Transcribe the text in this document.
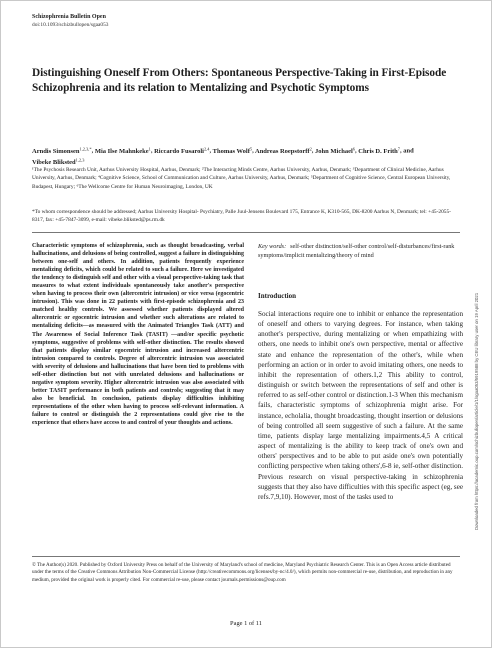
Schizophrenia Bulletin Open
doi:10.1093/schizbullopen/sgaa053
Distinguishing Oneself From Others: Spontaneous Perspective-Taking in First-Episode Schizophrenia and its relation to Mentalizing and Psychotic Symptoms
Arndis Simonsen$^{1,2,3,*}$, Mia Ilse Mahnkeke$^1$, Riccardo Fusaroli$^{2,4}$, Thomas Wolf$^5$, Andreas Roepstorff$^2$, John Michael$^6$, Chris D. Frith$^7$, and Vibeke Bliksted$^{1,2,3}$
¹The Psychosis Research Unit, Aarhus University Hospital, Aarhus, Denmark; ²The Interacting Minds Centre, Aarhus University, Aarhus, Denmark; ³Department of Clinical Medicine, Aarhus University, Aarhus, Denmark; ⁴Cognitive Science, School of Communication and Culture, Aarhus University, Aarhus, Denmark; ⁵Department of Cognitive Science, Central European University, Budapest, Hungary; ⁶The Wellcome Centre for Human Neuroimaging, London, UK
*To whom correspondence should be addressed; Aarhus University Hospital- Psychiatry, Palle Juul-Jensens Boulevard 175, Entrance K, K310-565, DK-8200 Aarhus N, Denmark; tel: +45-2055-8317, fax: +45-7847-3099, e-mail: vibeke.bliksted@ps.rm.dk
Characteristic symptoms of schizophrenia, such as thought broadcasting, verbal hallucinations, and delusions of being controlled, suggest a failure in distinguishing between one-self and others. In addition, patients frequently experience mentalizing deficits, which could be related to such a failure. Here we investigated the tendency to distinguish self and other with a visual perspective-taking task that measures to what extent individuals spontaneously take another's perspective when having to process their own (altercentric intrusion) or vice versa (egocentric intrusion). This was done in 22 patients with first-episode schizophrenia and 23 matched healthy controls. We assessed whether patients displayed altered altercentric or egocentric intrusion and whether such alterations are related to mentalizing deficits—as measured with the Animated Triangles Task (ATT) and The Awareness of Social Inference Task (TASIT) —and/or specific psychotic symptoms, suggestive of problems with self-other distinction. The results showed that patients display similar egocentric intrusion and increased altercentric intrusion compared to controls. Degree of altercentric intrusion was associated with severity of delusions and hallucinations that have been tied to problems with self-other distinction but not with unrelated delusions and hallucinations or negative symptom severity. Higher altercentric intrusion was also associated with better TASIT performance in both patients and controls; suggesting that it may also be beneficial. In conclusion, patients display difficulties inhibiting representations of the other when having to process self-relevant information. A failure to control or distinguish the 2 representations could give rise to the experience that others have access to and control of your thoughts and actions.
Key words: self-other distinction/self-other control/self-disturbances/first-rank symptoms/implicit mentalizing/theory of mind
Introduction
Social interactions require one to inhibit or enhance the representation of oneself and others to varying degrees. For instance, when taking another's perspective, during mentalizing or when empathizing with others, one needs to inhibit one's own perspective, mental or affective state and enhance the representation of the other's, while when performing an action or in order to avoid imitating others, one needs to inhibit the representation of others.1,2 This ability to control, distinguish or switch between the representations of self and other is referred to as self-other control or distinction.1-3 When this mechanism fails, characteristic symptoms of schizophrenia might arise. For instance, echolalia, thought broadcasting, thought insertion or delusions of being controlled all seem suggestive of such a failure. At the same time, patients display large mentalizing impairments.4,5 A critical aspect of mentalizing is the ability to keep track of one's own and others' perspectives and to be able to put aside one's own potentially conflicting perspective when taking others',6-8 ie, self-other distinction. Previous research on visual perspective-taking in schizophrenia suggests that they also have difficulties with this specific aspect (eg, see refs.7,9,10). However, most of the tasks used to
© The Author(s) 2020. Published by Oxford University Press on behalf of the University of Maryland's school of medicine, Maryland Psychiatric Research Center. This is an Open Access article distributed under the terms of the Creative Commons Attribution Non-Commercial License (http://creativecommons.org/licenses/by-nc/4.0/), which permits non-commercial re-use, distribution, and reproduction in any medium, provided the original work is properly cited. For commercial re-use, please contact journals.permissions@oup.com
Page 1 of 11
Downloaded from https://academic.oup.com/schizbullopen/article/1/1/sgaa053/5919588 by CEU library user on 19 April 2021
